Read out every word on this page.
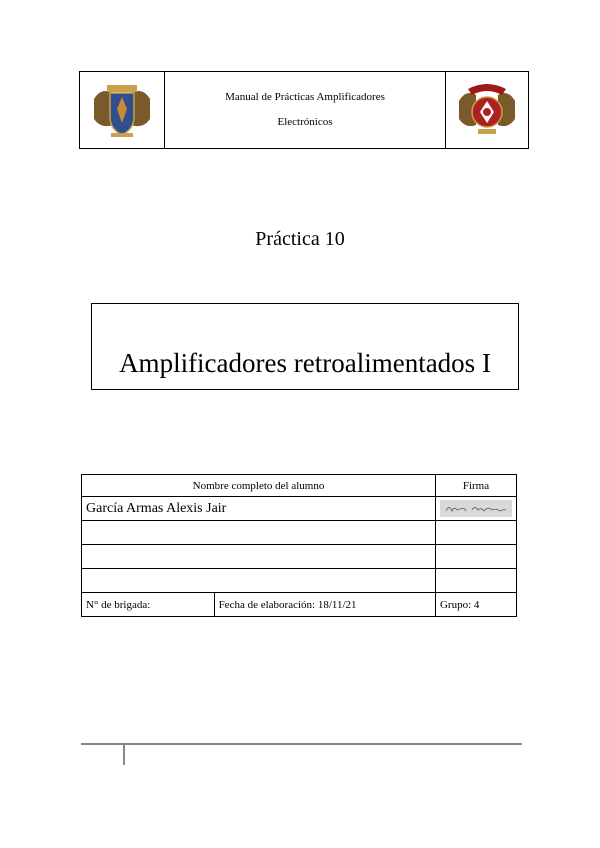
Manual de Prácticas Amplificadores
Electrónicos
Práctica 10
Amplificadores retroalimentados I
Nombre completo del alumno		Firma
García Armas Alexis Jair	

N° de brigada:	Fecha de elaboración: 18/11/21	Grupo: 4
